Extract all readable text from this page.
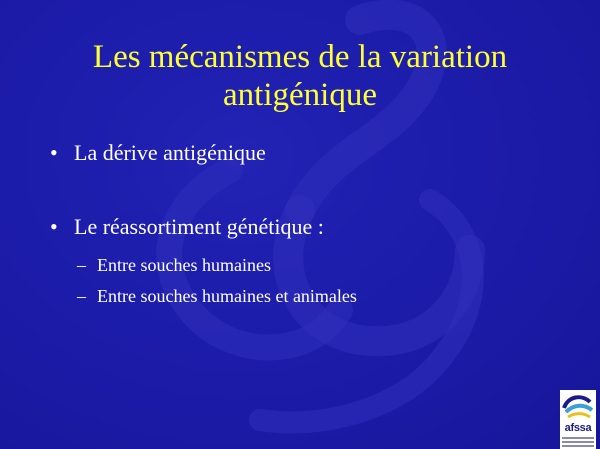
Les mécanismes de la variation
antigénique
• La dérive antigénique
• Le réassortiment génétique :
– Entre souches humaines
– Entre souches humaines et animales
afssa
